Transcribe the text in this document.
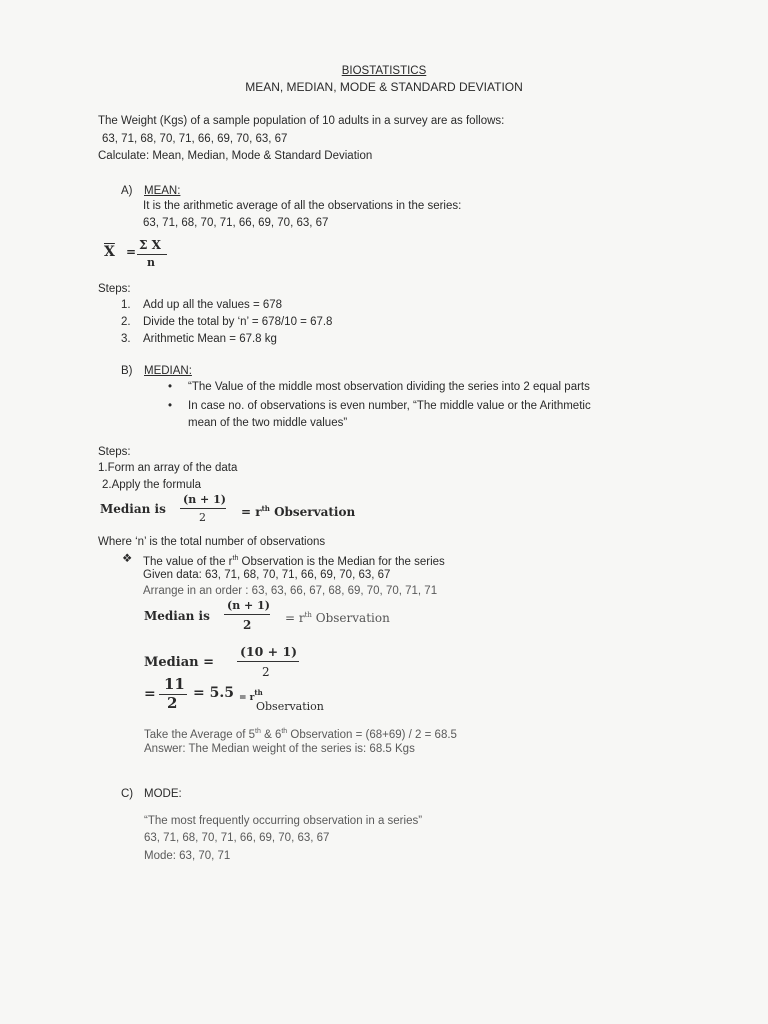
BIOSTATISTICS
MEAN, MEDIAN, MODE & STANDARD DEVIATION
The Weight (Kgs) of a sample population of 10 adults in a survey are as follows:
63, 71, 68, 70, 71, 66, 69, 70, 63, 67
Calculate: Mean, Median, Mode & Standard Deviation
A) MEAN:
It is the arithmetic average of all the observations in the series:
63, 71, 68, 70, 71, 66, 69, 70, 63, 67
$\overline{X} = \Sigma$ X
n
Steps:
1. Add up all the values = 678
2. Divide the total by ‘n’ = 678/10 = 67.8
3. Arithmetic Mean = 67.8 kg
B) MEDIAN:
• “The Value of the middle most observation dividing the series into 2 equal parts
• In case no. of observations is even number, “The middle value or the Arithmetic
mean of the two middle values”
Steps:
1.Form an array of the data
2.Apply the formula
Median is
(n + 1)
2	= $r^{th}$ Observation
Where ‘n’ is the total number of observations
❖ The value of the $r^{th}$ Observation is the Median for the series
Given data: 63, 71, 68, 70, 71, 66, 69, 70, 63, 67
Arrange in an order : 63, 63, 66, 67, 68, 69, 70, 70, 71, 71
Median is
(n + 1)
2	= $r^{th}$ Observation
Median =
(10 + 1)
2
=
11
2
= $5.5 = r^{th}$
Observation
Take the Average of 5th & 6th Observation = (68+69) / 2 = 68.5
Answer: The Median weight of the series is: 68.5 Kgs
C) MODE:
“The most frequently occurring observation in a series”
63, 71, 68, 70, 71, 66, 69, 70, 63, 67
Mode: 63, 70, 71
